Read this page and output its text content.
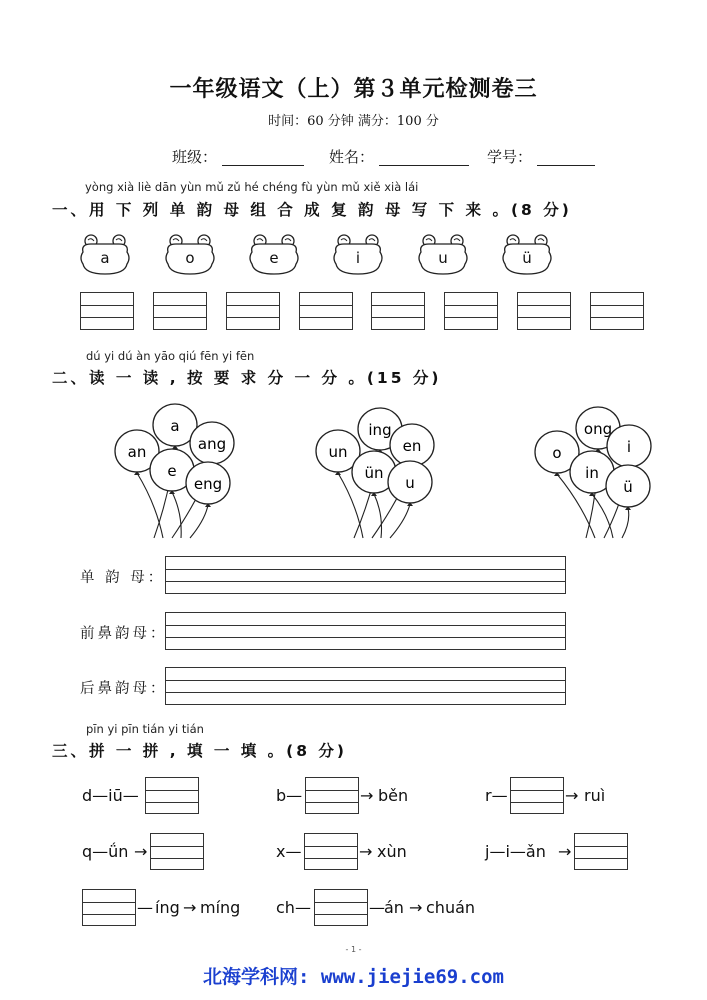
一年级语文（上）第３单元检测卷三
时间：60 分钟 满分：100 分
班级：	姓名：	学号：
yòng xià liè dān yùn mǔ zǔ hé chéng fù yùn mǔ xiě xià lái
一、用 下 列 单 韵 母 组 合 成 复 韵 母 写 下 来 。(8 分)
a	o	e	i	u	ü
dú yi dú àn yāo qiú fēn yi fēn
二、读 一 读 , 按 要 求 分 一 分 。(15 分)
a
an	ang
e
eng
ing
un	en
ün
u
ong
o	i
in
ü
单 韵 母：
前鼻韵母：
后鼻韵母：
pīn yi pīn tián yi tián
三、拼 一 拼 , 填 一 填 。(8 分)
d—iū—	b—	→ běn	r—	→ ruì
q—ǘn →	x—	→ xùn	j—i—ǎn →
— íng → míng ch—	— án → chuán
- 1 -
北海学科网: www.jiejie69.com
